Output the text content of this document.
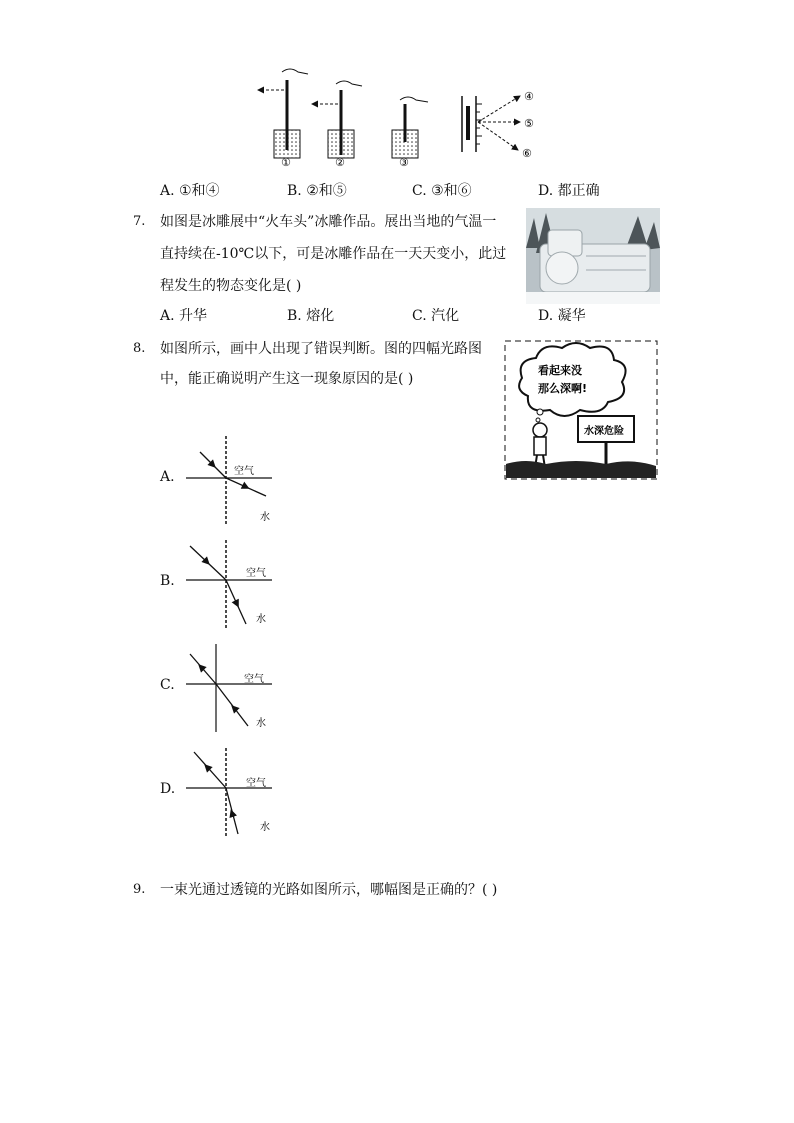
①	②	③
④
⑤
⑥
A. ①和④	B. ②和⑤	C. ③和⑥	D. 都正确
7. 如图是冰雕展中“火车头”冰雕作品。展出当地的气温一
直持续在-10℃以下，可是冰雕作品在一天天变小，此过
程发生的物态变化是( )
A. 升华	B. 熔化	C. 汽化	D. 凝华
8. 如图所示，画中人出现了错误判断。图的四幅光路图
中，能正确说明产生这一现象原因的是( )
看起来没
那么深啊!
水深危险
A.	空气
水
B.	空气
水
C.	空气
水
D.	空气
水
9. 一束光通过透镜的光路如图所示，哪幅图是正确的？( )
